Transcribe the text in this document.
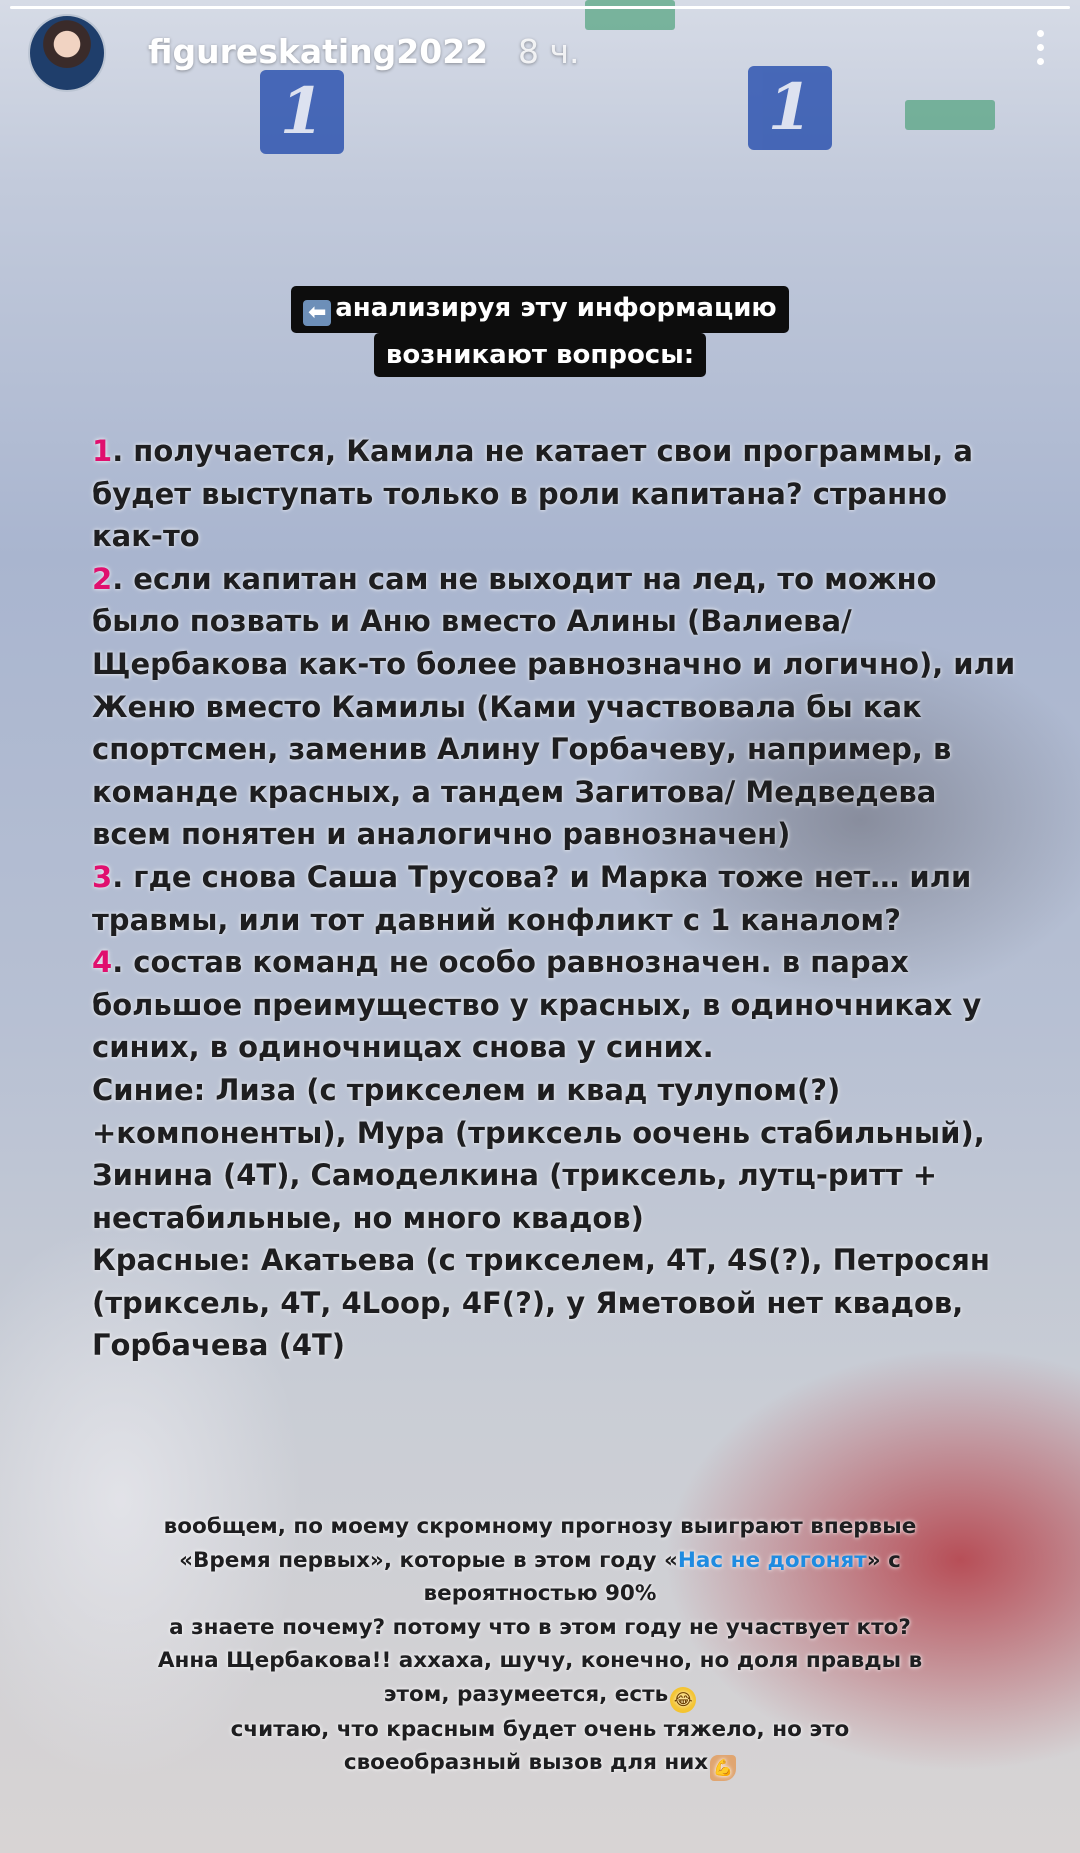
1	1
figureskating2022 8 ч.
⬅ анализируя эту информацию
возникают вопросы:

1. получается, Камила не катает свои программы, а будет выступать только в роли капитана? странно как-то

2. если капитан сам не выходит на лед, то можно было позвать и Аню вместо Алины (Валиева/ Щербакова как-то более равнозначно и логично), или Женю вместо Камилы (Ками участвовала бы как спортсмен, заменив Алину Горбачеву, например, в команде красных, а тандем Загитова/ Медведева всем понятен и аналогично равнозначен)

3. где снова Саша Трусова? и Марка тоже нет… или травмы, или тот давний конфликт с 1 каналом?

4. состав команд не особо равнозначен. в парах большое преимущество у красных, в одиночниках у синих, в одиночницах снова у синих.

Синие: Лиза (с трикселем и квад тулупом(?) +компоненты), Мура (триксель оочень стабильный), Зинина (4Т), Самоделкина (триксель, лутц-ритт + нестабильные, но много квадов)

Красные: Акатьева (с трикселем, 4Т, 4S(?), Петросян (триксель, 4Т, 4Loop, 4F(?), у Яметовой нет квадов, Горбачева (4Т)

вообщем, по моему скромному прогнозу выиграют впервые «Время первых», которые в этом году «Нас не догонят» с вероятностью 90%

а знаете почему? потому что в этом году не участвует кто? Анна Щербакова!! аххаха, шучу, конечно, но доля правды в этом, разумеется, есть 😂

считаю, что красным будет очень тяжело, но это своеобразный вызов для них 💪
